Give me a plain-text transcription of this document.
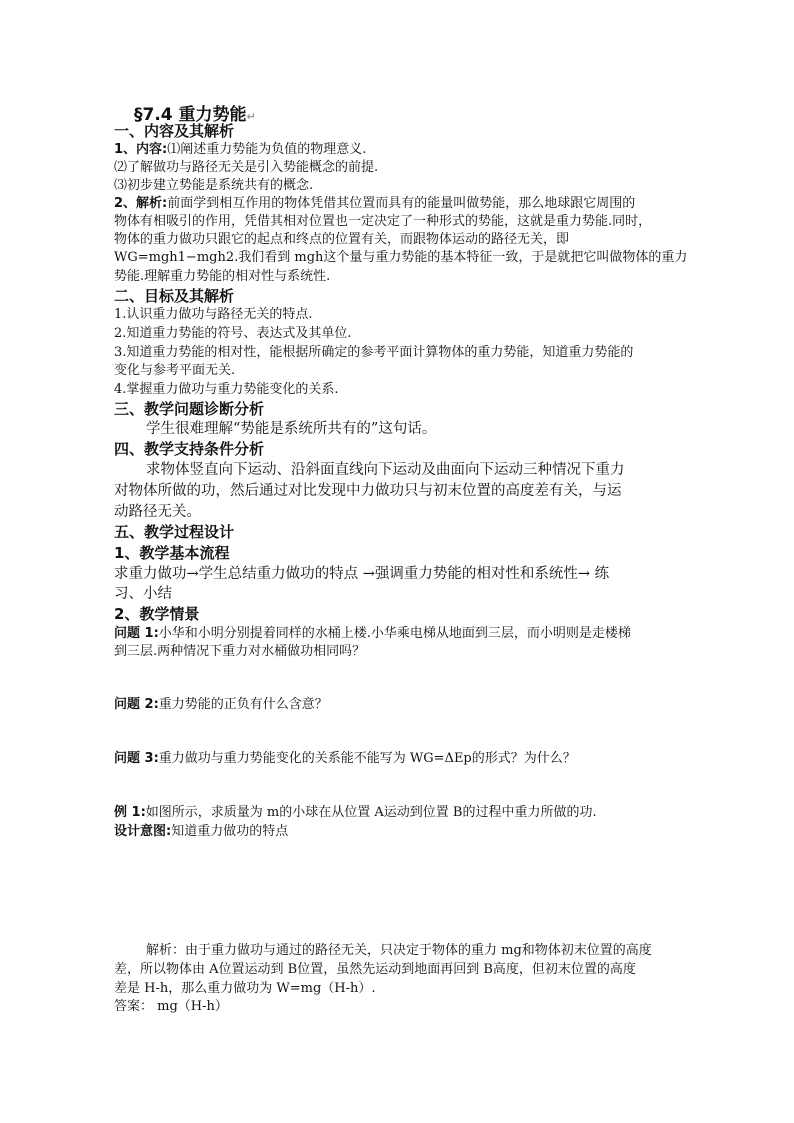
§7.4 重力势能↵
一、内容及其解析
1、内容:⑴阐述重力势能为负值的物理意义.
⑵了解做功与路径无关是引入势能概念的前提.
⑶初步建立势能是系统共有的概念.
2、解析:前面学到相互作用的物体凭借其位置而具有的能量叫做势能，那么地球跟它周围的
物体有相吸引的作用，凭借其相对位置也一定决定了一种形式的势能，这就是重力势能.同时，
物体的重力做功只跟它的起点和终点的位置有关，而跟物体运动的路径无关，即
WG=mgh1−mgh2.我们看到 mgh这个量与重力势能的基本特征一致，于是就把它叫做物体的重力
势能.理解重力势能的相对性与系统性.
二、目标及其解析
1.认识重力做功与路径无关的特点.
2.知道重力势能的符号、表达式及其单位.
3.知道重力势能的相对性，能根据所确定的参考平面计算物体的重力势能，知道重力势能的
变化与参考平面无关.
4.掌握重力做功与重力势能变化的关系.
三、教学问题诊断分析
学生很难理解“势能是系统所共有的”这句话。
四、教学支持条件分析
求物体竖直向下运动、沿斜面直线向下运动及曲面向下运动三种情况下重力
对物体所做的功，然后通过对比发现中力做功只与初末位置的高度差有关，与运
动路径无关。
五、教学过程设计
1、教学基本流程
求重力做功→学生总结重力做功的特点 →强调重力势能的相对性和系统性→ 练
习、小结
2、教学情景
问题 1:小华和小明分别提着同样的水桶上楼.小华乘电梯从地面到三层，而小明则是走楼梯
到三层.两种情况下重力对水桶做功相同吗？
问题 2:重力势能的正负有什么含意？
问题 3:重力做功与重力势能变化的关系能不能写为 WG=ΔEp的形式？为什么？
例 1:如图所示，求质量为 m的小球在从位置 A运动到位置 B的过程中重力所做的功.
设计意图:知道重力做功的特点
解析：由于重力做功与通过的路径无关，只决定于物体的重力 mg和物体初末位置的高度
差，所以物体由 A位置运动到 B位置，虽然先运动到地面再回到 B高度，但初末位置的高度
差是 H-h，那么重力做功为 W=mg（H-h）.
答案： mg（H-h）
